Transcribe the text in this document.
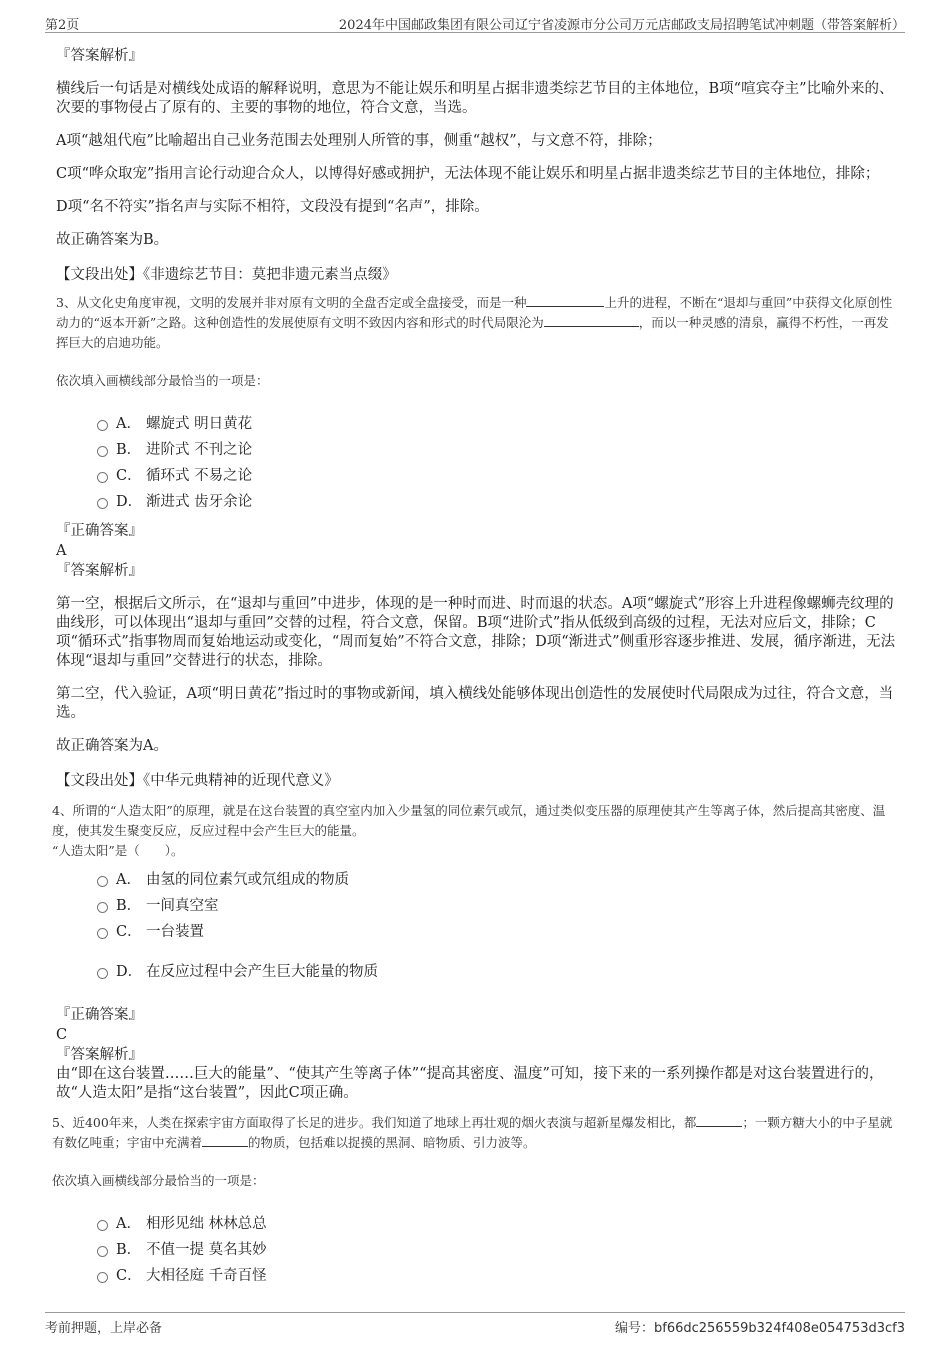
第2页	2024年中国邮政集团有限公司辽宁省凌源市分公司万元店邮政支局招聘笔试冲刺题（带答案解析）
『答案解析』

横线后一句话是对横线处成语的解释说明，意思为不能让娱乐和明星占据非遗类综艺节目的主体地位，B项“喧宾夺主”比喻外来的、次要的事物侵占了原有的、主要的事物的地位，符合文意，当选。

A项“越俎代庖”比喻超出自己业务范围去处理别人所管的事，侧重“越权”，与文意不符，排除；

C项“哗众取宠”指用言论行动迎合众人，以博得好感或拥护，无法体现不能让娱乐和明星占据非遗类综艺节目的主体地位，排除；

D项“名不符实”指名声与实际不相符，文段没有提到“名声”，排除。

故正确答案为B。

【文段出处】《非遗综艺节目：莫把非遗元素当点缀》

3、从文化史角度审视，文明的发展并非对原有文明的全盘否定或全盘接受，而是一种	上升的进程，不断在“退却与重回”中获得文化原创性动力的“返本开新”之路。这种创造性的发展使原有文明不致因内容和形式的时代局限沦为	，而以一种灵感的清泉，赢得不朽性，一再发挥巨大的启迪功能。

依次填入画横线部分最恰当的一项是：

A． 螺旋式 明日黄花
B． 进阶式 不刊之论
C． 循环式 不易之论
D． 渐进式 齿牙余论
『正确答案』
A
『答案解析』

第一空，根据后文所示，在“退却与重回”中进步，体现的是一种时而进、时而退的状态。A项“螺旋式”形容上升进程像螺蛳壳纹理的曲线形，可以体现出“退却与重回”交替的过程，符合文意，保留。B项“进阶式”指从低级到高级的过程，无法对应后文，排除；C项“循环式”指事物周而复始地运动或变化，“周而复始”不符合文意，排除；D项“渐进式”侧重形容逐步推进、发展，循序渐进，无法体现“退却与重回”交替进行的状态，排除。

第二空，代入验证，A项“明日黄花”指过时的事物或新闻，填入横线处能够体现出创造性的发展使时代局限成为过往，符合文意，当选。

故正确答案为A。

【文段出处】《中华元典精神的近现代意义》

4、所谓的“人造太阳”的原理，就是在这台装置的真空室内加入少量氢的同位素氕或氘，通过类似变压器的原理使其产生等离子体，然后提高其密度、温度，使其发生聚变反应，反应过程中会产生巨大的能量。

“人造太阳”是（　　）。

A． 由氢的同位素氕或氘组成的物质
B． 一间真空室
C． 一台装置
D． 在反应过程中会产生巨大能量的物质
『正确答案』
C
『答案解析』

由“即在这台装置……巨大的能量”、“使其产生等离子体”“提高其密度、温度”可知，接下来的一系列操作都是对这台装置进行的，故“人造太阳”是指“这台装置”，因此C项正确。

5、近400年来，人类在探索宇宙方面取得了长足的进步。我们知道了地球上再壮观的烟火表演与超新星爆发相比，都	；一颗方糖大小的中子星就有数亿吨重；宇宙中充满着	的物质，包括难以捉摸的黑洞、暗物质、引力波等。

依次填入画横线部分最恰当的一项是：

A． 相形见绌 林林总总
B． 不值一提 莫名其妙
C． 大相径庭 千奇百怪
考前押题，上岸必备	编号：bf66dc256559b324f408e054753d3cf3
